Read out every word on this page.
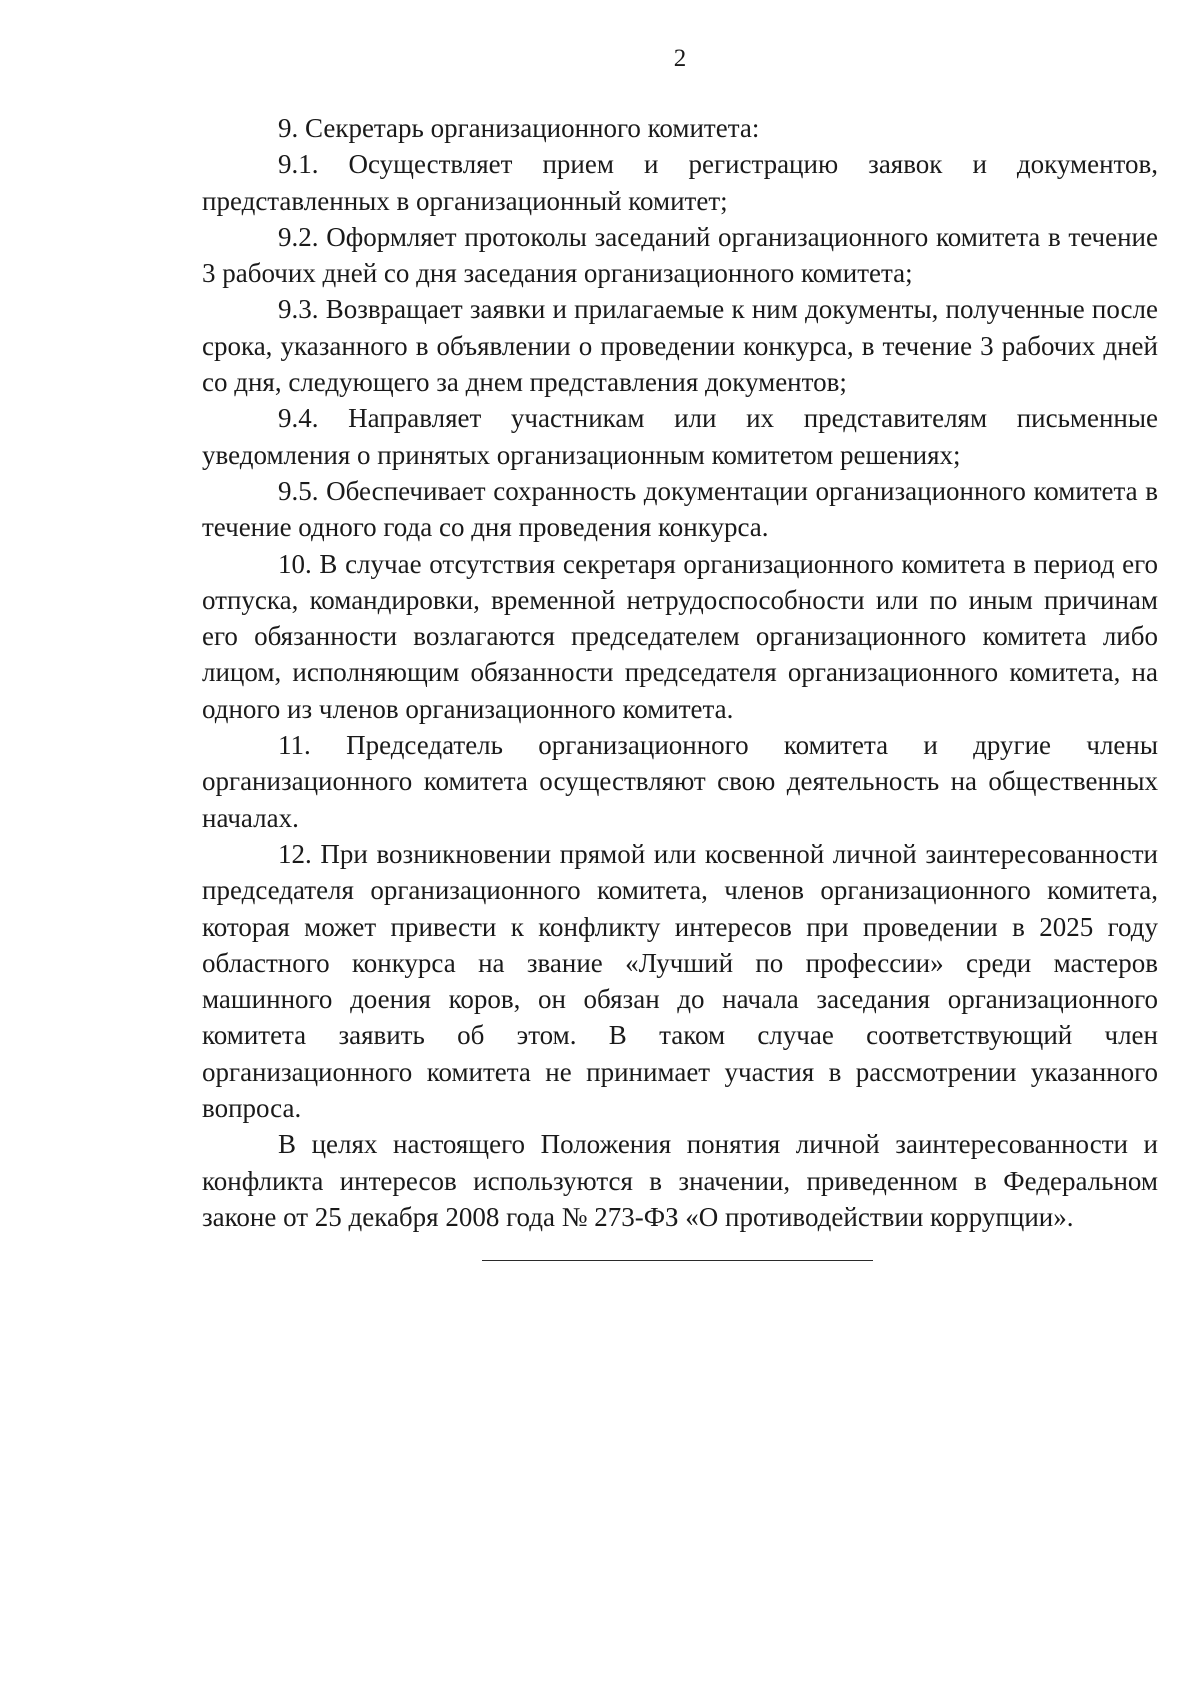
2

9. Секретарь организационного комитета:

9.1. Осуществляет прием и регистрацию заявок и документов, представленных в организационный комитет;

9.2. Оформляет протоколы заседаний организационного комитета в течение 3 рабочих дней со дня заседания организационного комитета;

9.3. Возвращает заявки и прилагаемые к ним документы, полученные после срока, указанного в объявлении о проведении конкурса, в течение 3 рабочих дней со дня, следующего за днем представления документов;

9.4. Направляет участникам или их представителям письменные уведомления о принятых организационным комитетом решениях;

9.5. Обеспечивает сохранность документации организационного комитета в течение одного года со дня проведения конкурса.

10. В случае отсутствия секретаря организационного комитета в период его отпуска, командировки, временной нетрудоспособности или по иным причинам его обязанности возлагаются председателем организационного комитета либо лицом, исполняющим обязанности председателя организационного комитета, на одного из членов организационного комитета.

11. Председатель организационного комитета и другие члены организационного комитета осуществляют свою деятельность на общественных началах.

12. При возникновении прямой или косвенной личной заинтересованности председателя организационного комитета, членов организационного комитета, которая может привести к конфликту интересов при проведении в 2025 году областного конкурса на звание «Лучший по профессии» среди мастеров машинного доения коров, он обязан до начала заседания организационного комитета заявить об этом. В таком случае соответствующий член организационного комитета не принимает участия в рассмотрении указанного вопроса.

В целях настоящего Положения понятия личной заинтересованности и конфликта интересов используются в значении, приведенном в Федеральном законе от 25 декабря 2008 года № 273-ФЗ «О противодействии коррупции».
